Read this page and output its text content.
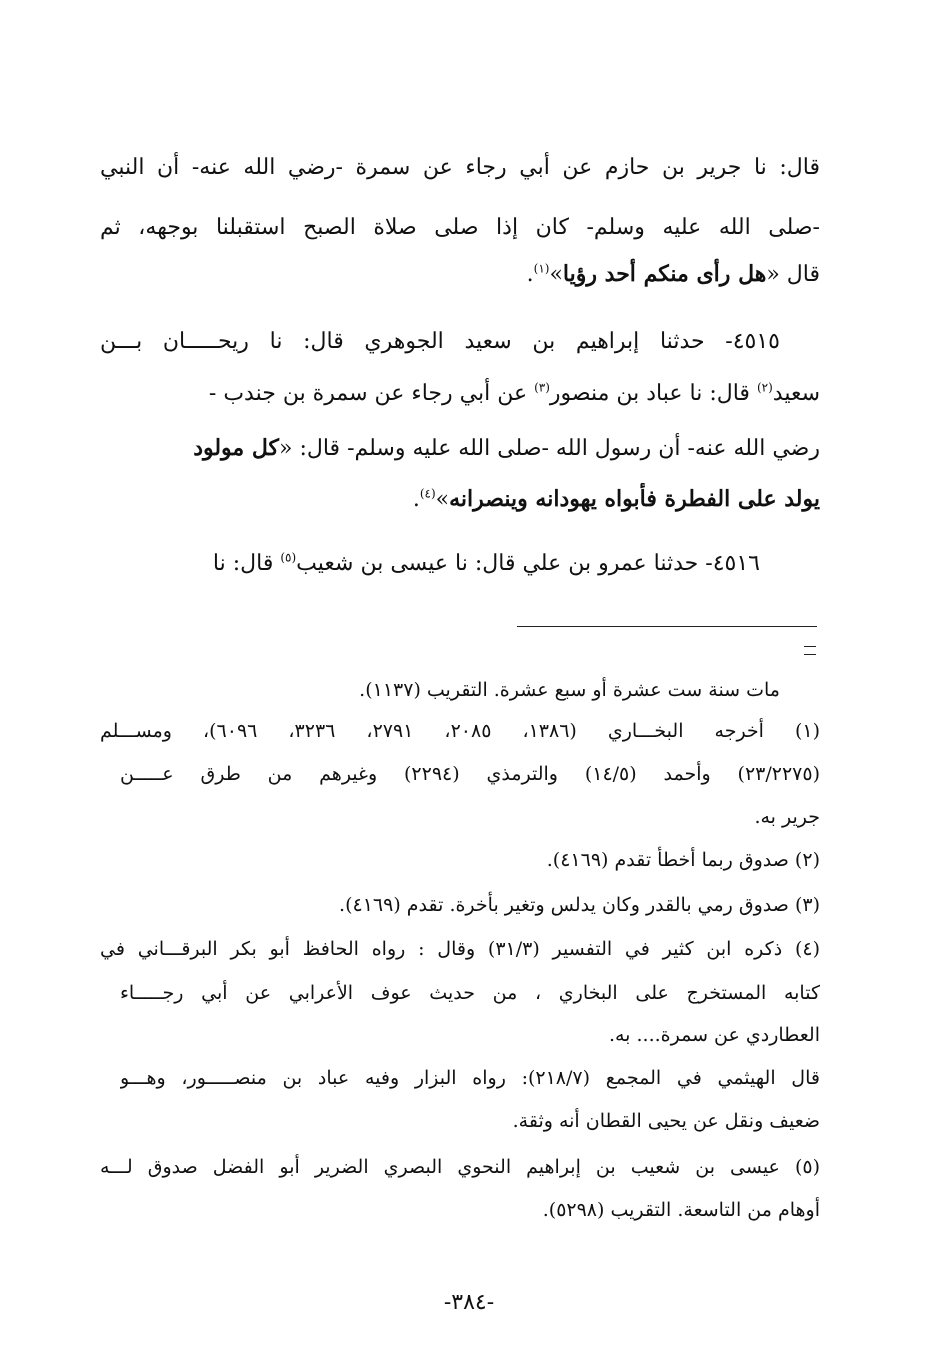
قال: نا جرير بن حازم عن أبي رجاء عن سمرة -رضي الله عنه- أن النبي
-صلى الله عليه وسلم- كان إذا صلى صلاة الصبح استقبلنا بوجهه، ثم
قال «هل رأى منكم أحد رؤيا»$^{(١)}$.
٤٥١٥- حدثنا إبراهيم بن سعيد الجوهري قال: نا ريحـــــان بـــن
سعيد$^{(٢)}$ قال: نا عباد بن منصور$^{(٣)}$ عن أبي رجاء عن سمرة بن جندب -
رضي الله عنه- أن رسول الله -صلى الله عليه وسلم- قال: «كل مولود
يولد على الفطرة فأبواه يهودانه وينصرانه»$^{(٤)}$.
٤٥١٦- حدثنا عمرو بن علي قال: نا عيسى بن شعيب$^{(٥)}$ قال: نا
مات سنة ست عشرة أو سبع عشرة. التقريب (١١٣٧).
(١) أخرجه البخـــاري (١٣٨٦، ٢٠٨٥، ٢٧٩١، ٣٢٣٦، ٦٠٩٦)، ومســـلم
(٢٣/٢٢٧٥) وأحمد (١٤/٥) والترمذي (٢٢٩٤) وغيرهم من طرق عـــــن
جرير به.
(٢) صدوق ربما أخطأ تقدم (٤١٦٩).
(٣) صدوق رمي بالقدر وكان يدلس وتغير بأخرة. تقدم (٤١٦٩).
(٤) ذكره ابن كثير في التفسير (٣١/٣) وقال : رواه الحافظ أبو بكر البرقـــاني في
كتابه المستخرج على البخاري ، من حديث عوف الأعرابي عن أبي رجـــــاء
العطاردي عن سمرة.... به.
قال الهيثمي في المجمع (٢١٨/٧): رواه البزار وفيه عباد بن منصـــــور، وهـــو
ضعيف ونقل عن يحيى القطان أنه وثقة.
(٥) عيسى بن شعيب بن إبراهيم النحوي البصري الضرير أبو الفضل صدوق لـــه
أوهام من التاسعة. التقريب (٥٢٩٨).
-٣٨٤-
